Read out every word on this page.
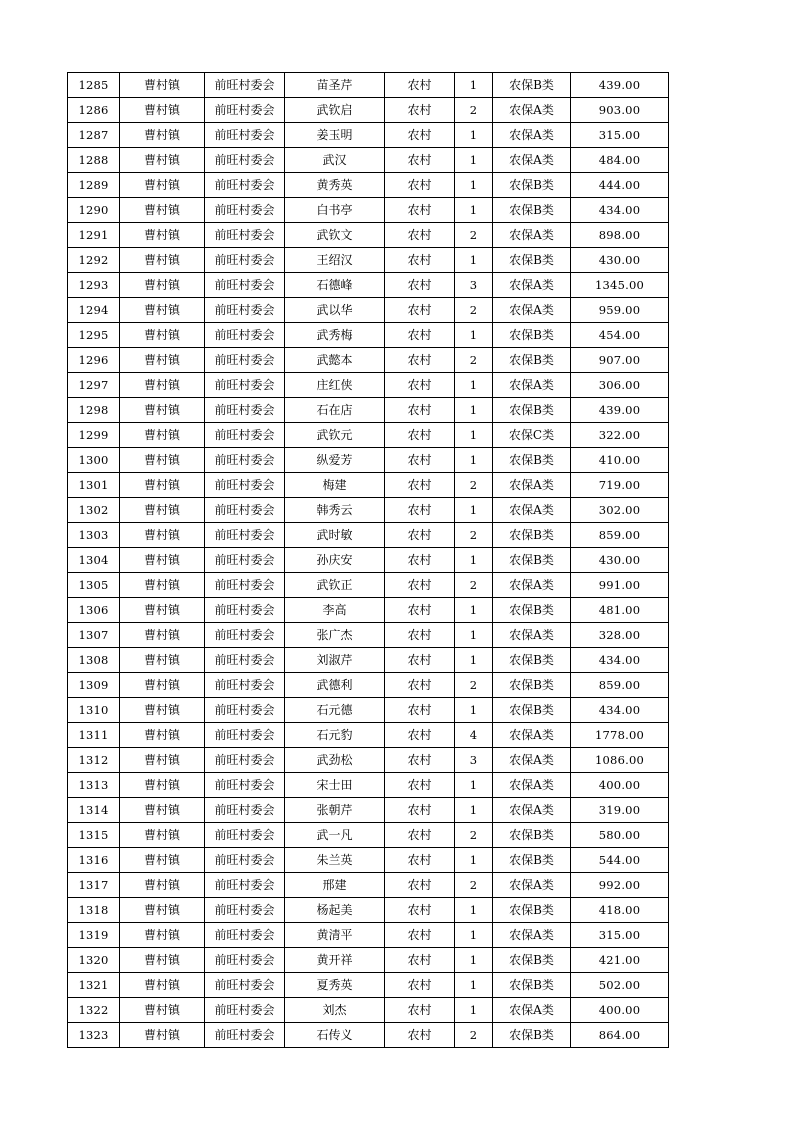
1285	曹村镇	前旺村委会	苗圣芹	农村	1	农保B类	439.00
1286	曹村镇	前旺村委会	武钦启	农村	2	农保A类	903.00
1287	曹村镇	前旺村委会	姜玉明	农村	1	农保A类	315.00
1288	曹村镇	前旺村委会	武汉	农村	1	农保A类	484.00
1289	曹村镇	前旺村委会	黄秀英	农村	1	农保B类	444.00
1290	曹村镇	前旺村委会	白书亭	农村	1	农保B类	434.00
1291	曹村镇	前旺村委会	武钦文	农村	2	农保A类	898.00
1292	曹村镇	前旺村委会	王绍汉	农村	1	农保B类	430.00
1293	曹村镇	前旺村委会	石德峰	农村	3	农保A类	1345.00
1294	曹村镇	前旺村委会	武以华	农村	2	农保A类	959.00
1295	曹村镇	前旺村委会	武秀梅	农村	1	农保B类	454.00
1296	曹村镇	前旺村委会	武懿本	农村	2	农保B类	907.00
1297	曹村镇	前旺村委会	庄红侠	农村	1	农保A类	306.00
1298	曹村镇	前旺村委会	石在店	农村	1	农保B类	439.00
1299	曹村镇	前旺村委会	武钦元	农村	1	农保C类	322.00
1300	曹村镇	前旺村委会	纵爱芳	农村	1	农保B类	410.00
1301	曹村镇	前旺村委会	梅建	农村	2	农保A类	719.00
1302	曹村镇	前旺村委会	韩秀云	农村	1	农保A类	302.00
1303	曹村镇	前旺村委会	武时敏	农村	2	农保B类	859.00
1304	曹村镇	前旺村委会	孙庆安	农村	1	农保B类	430.00
1305	曹村镇	前旺村委会	武钦正	农村	2	农保A类	991.00
1306	曹村镇	前旺村委会	李高	农村	1	农保B类	481.00
1307	曹村镇	前旺村委会	张广杰	农村	1	农保A类	328.00
1308	曹村镇	前旺村委会	刘淑芹	农村	1	农保B类	434.00
1309	曹村镇	前旺村委会	武德利	农村	2	农保B类	859.00
1310	曹村镇	前旺村委会	石元德	农村	1	农保B类	434.00
1311	曹村镇	前旺村委会	石元豹	农村	4	农保A类	1778.00
1312	曹村镇	前旺村委会	武劲松	农村	3	农保A类	1086.00
1313	曹村镇	前旺村委会	宋士田	农村	1	农保A类	400.00
1314	曹村镇	前旺村委会	张朝芹	农村	1	农保A类	319.00
1315	曹村镇	前旺村委会	武一凡	农村	2	农保B类	580.00
1316	曹村镇	前旺村委会	朱兰英	农村	1	农保B类	544.00
1317	曹村镇	前旺村委会	邢建	农村	2	农保A类	992.00
1318	曹村镇	前旺村委会	杨起美	农村	1	农保B类	418.00
1319	曹村镇	前旺村委会	黄清平	农村	1	农保A类	315.00
1320	曹村镇	前旺村委会	黄开祥	农村	1	农保B类	421.00
1321	曹村镇	前旺村委会	夏秀英	农村	1	农保B类	502.00
1322	曹村镇	前旺村委会	刘杰	农村	1	农保A类	400.00
1323	曹村镇	前旺村委会	石传义	农村	2	农保B类	864.00
